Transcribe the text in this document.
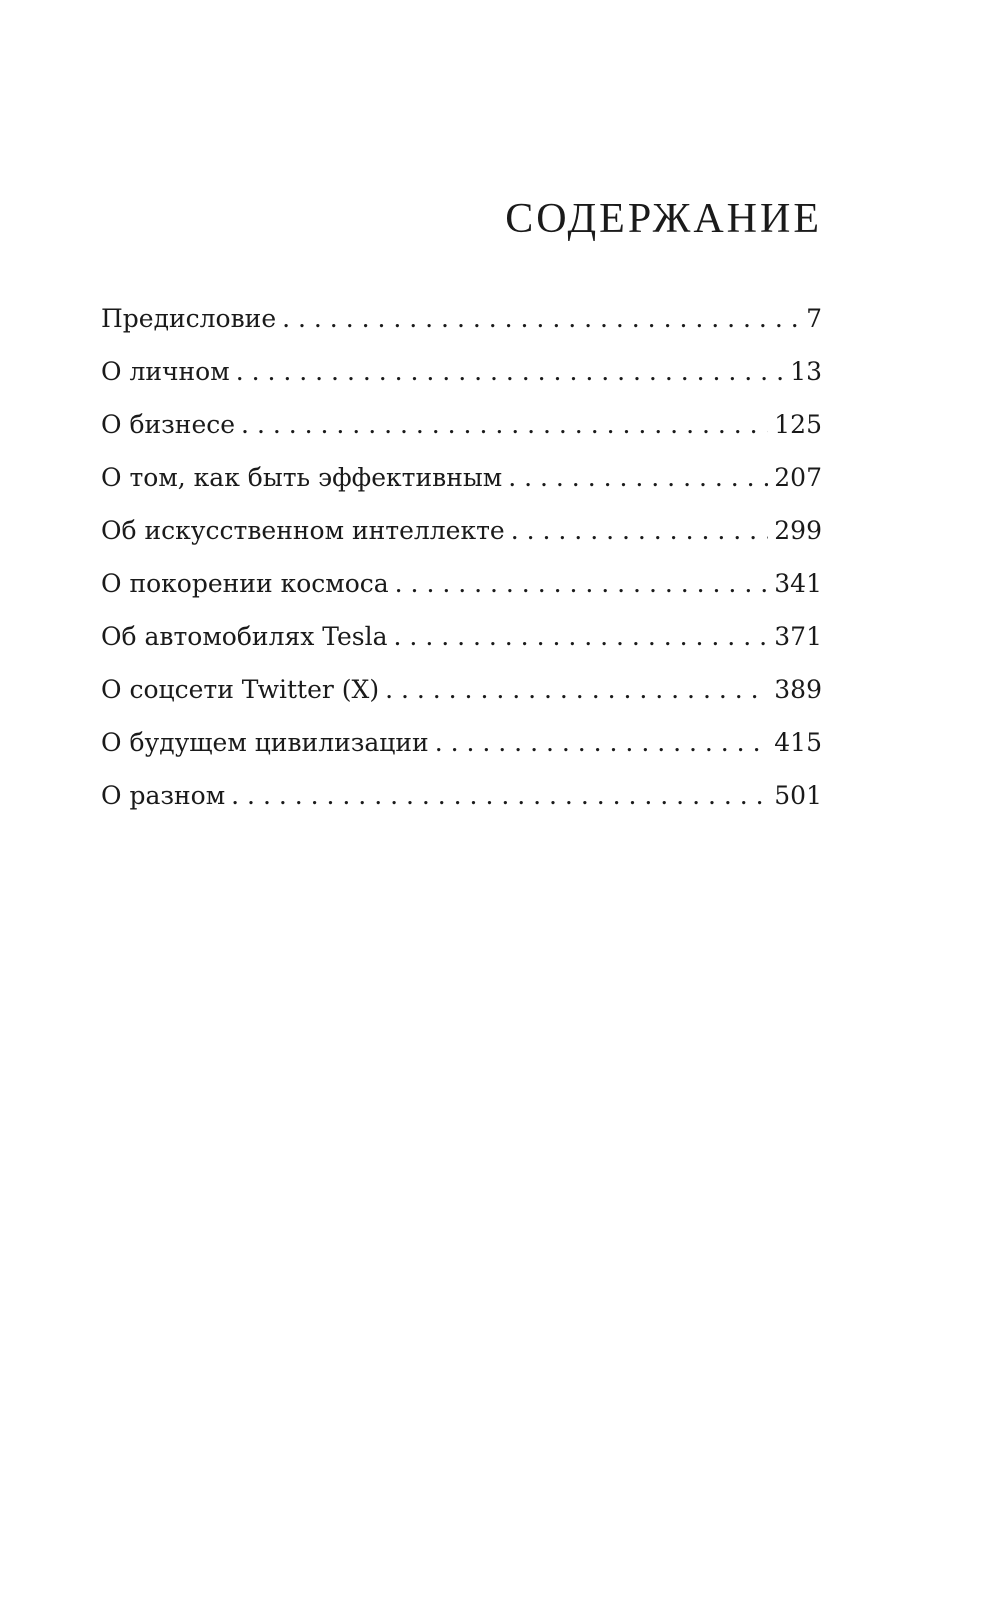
СОДЕРЖАНИЕ
Предисловие . . .	7
О личном . . .	13
О бизнесе . . .	125
О том, как быть эффективным . . .	207
Об искусственном интеллекте . . .	299
О покорении космоса . . .	341
Об автомобилях Tesla . . .	371
О соцсети Twitter (X) . . .	389
О будущем цивилизации . . .	415
О разном . . .	501
